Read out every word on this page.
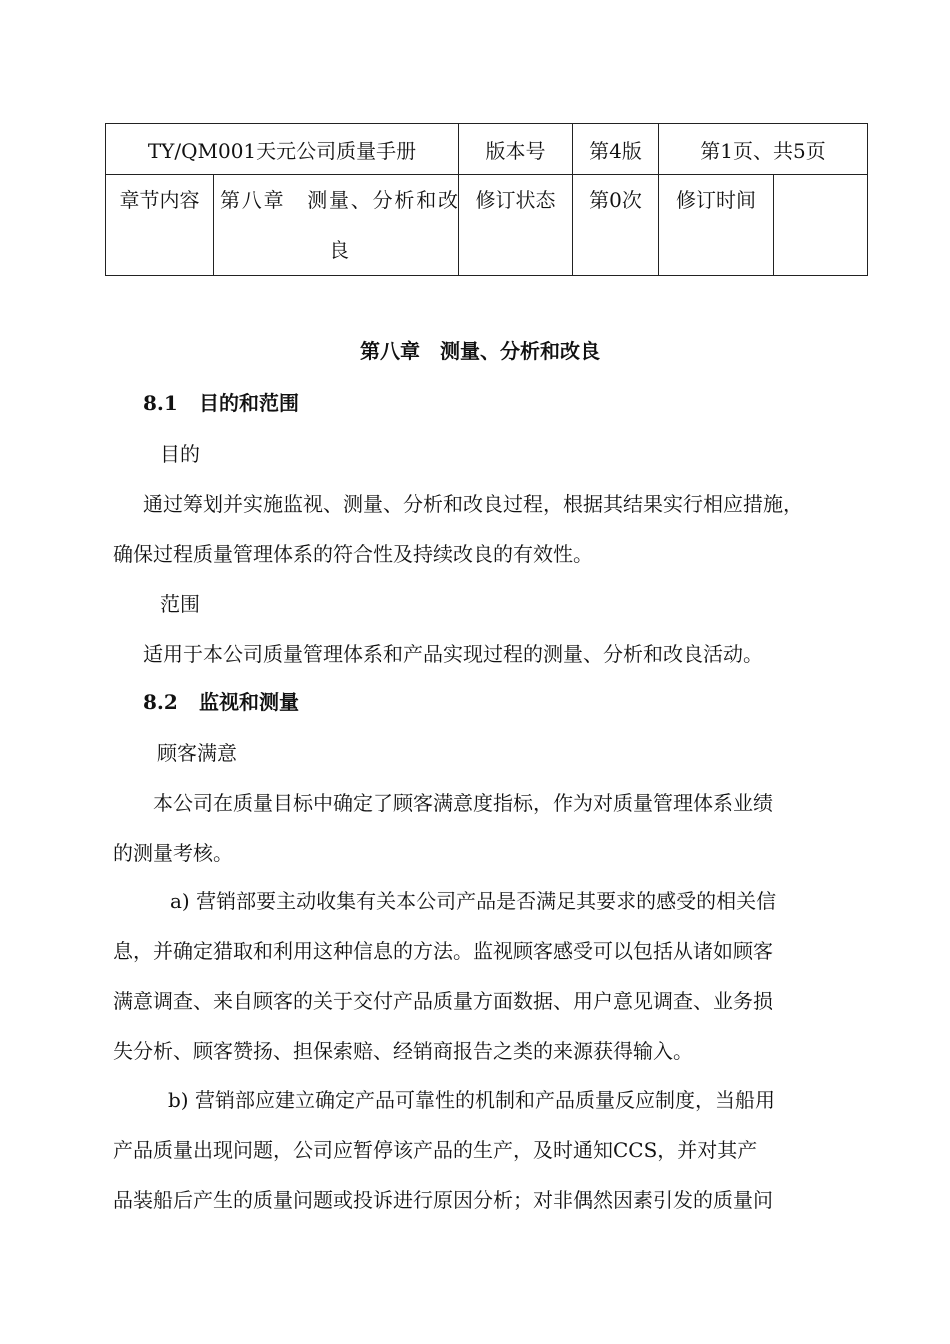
TY/QM001天元公司质量手册		版本号	第4版	第1页、共5页	
章节内容	第八章　测量、分析和改良	修订状态	第0次	修订时间	
第八章　测量、分析和改良
8.1 目的和范围
目的
通过筹划并实施监视、测量、分析和改良过程，根据其结果实行相应措施，
确保过程质量管理体系的符合性及持续改良的有效性。
范围
适用于本公司质量管理体系和产品实现过程的测量、分析和改良活动。
8.2 监视和测量
顾客满意
本公司在质量目标中确定了顾客满意度指标，作为对质量管理体系业绩
的测量考核。
a) 营销部要主动收集有关本公司产品是否满足其要求的感受的相关信
息，并确定猎取和利用这种信息的方法。监视顾客感受可以包括从诸如顾客
满意调查、来自顾客的关于交付产品质量方面数据、用户意见调查、业务损
失分析、顾客赞扬、担保索赔、经销商报告之类的来源获得输入。
b) 营销部应建立确定产品可靠性的机制和产品质量反应制度，当船用
产品质量出现问题，公司应暂停该产品的生产，及时通知CCS，并对其产
品装船后产生的质量问题或投诉进行原因分析；对非偶然因素引发的质量问
